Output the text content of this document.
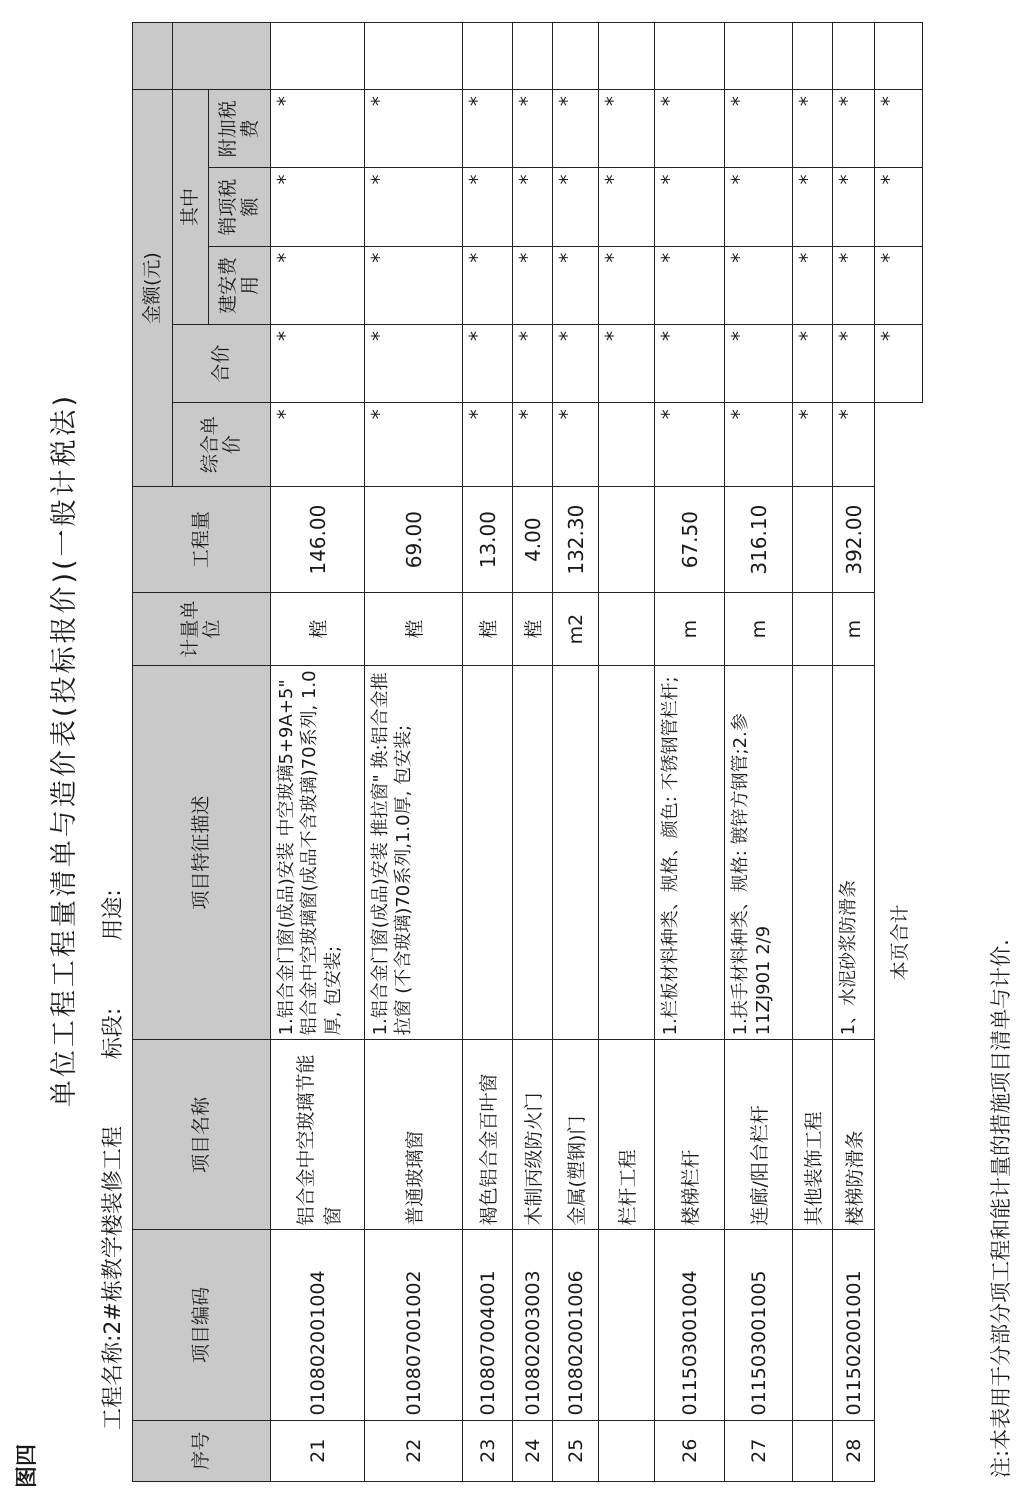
图四
单位工程工程量清单与造价表(投标报价)(一般计税法)
工程名称:2#栋教学楼装修工程 标段: 用途:
序号	项目编码	项目名称	项目特征描述	计量单位	工程量	金额(元)					
						综合单价	合价	其中			
								建安费用	销项税额	附加税费	
21	010802001004	铝合金中空玻璃节能窗	1.铝合金门窗(成品)安装 中空玻璃5+9A+5" 铝合金中空玻璃窗(成品不含玻璃)70系列, 1.0厚, 包安装;	樘	146.00	*	*	*	*	*	
22	010807001002	普通玻璃窗	1.铝合金门窗(成品)安装 推拉窗" 换:铝合金推拉窗 (不含玻璃)70系列,1.0厚, 包安装;	樘	69.00	*	*	*	*	*	
23	010807004001	褐色铝合金百叶窗		樘	13.00	*	*	*	*	*	
24	010802003003	木制丙级防火门		樘	4.00	*	*	*	*	*	
25	010802001006	金属(塑钢)门		m2	132.30	*	*	*	*	*	
		栏杆工程					*	*	*	*	
26	011503001004	楼梯栏杆	1.栏板材料种类、规格、颜色: 不锈钢管栏杆;	m	67.50	*	*	*	*	*	
27	011503001005	连廊/阳台栏杆	1.扶手材料种类、规格: 镀锌方钢管;2.参11ZJ901 2/9	m	316.10	*	*	*	*	*	
		其他装饰工程				*	*	*	*	*	
28	011502001001	楼梯防滑条	1、水泥砂浆防滑条	m	392.00	*	*	*	*	*	
本页合计							*	*	*	*	
注:本表用于分部分项工程和能计量的措施项目清单与计价.
